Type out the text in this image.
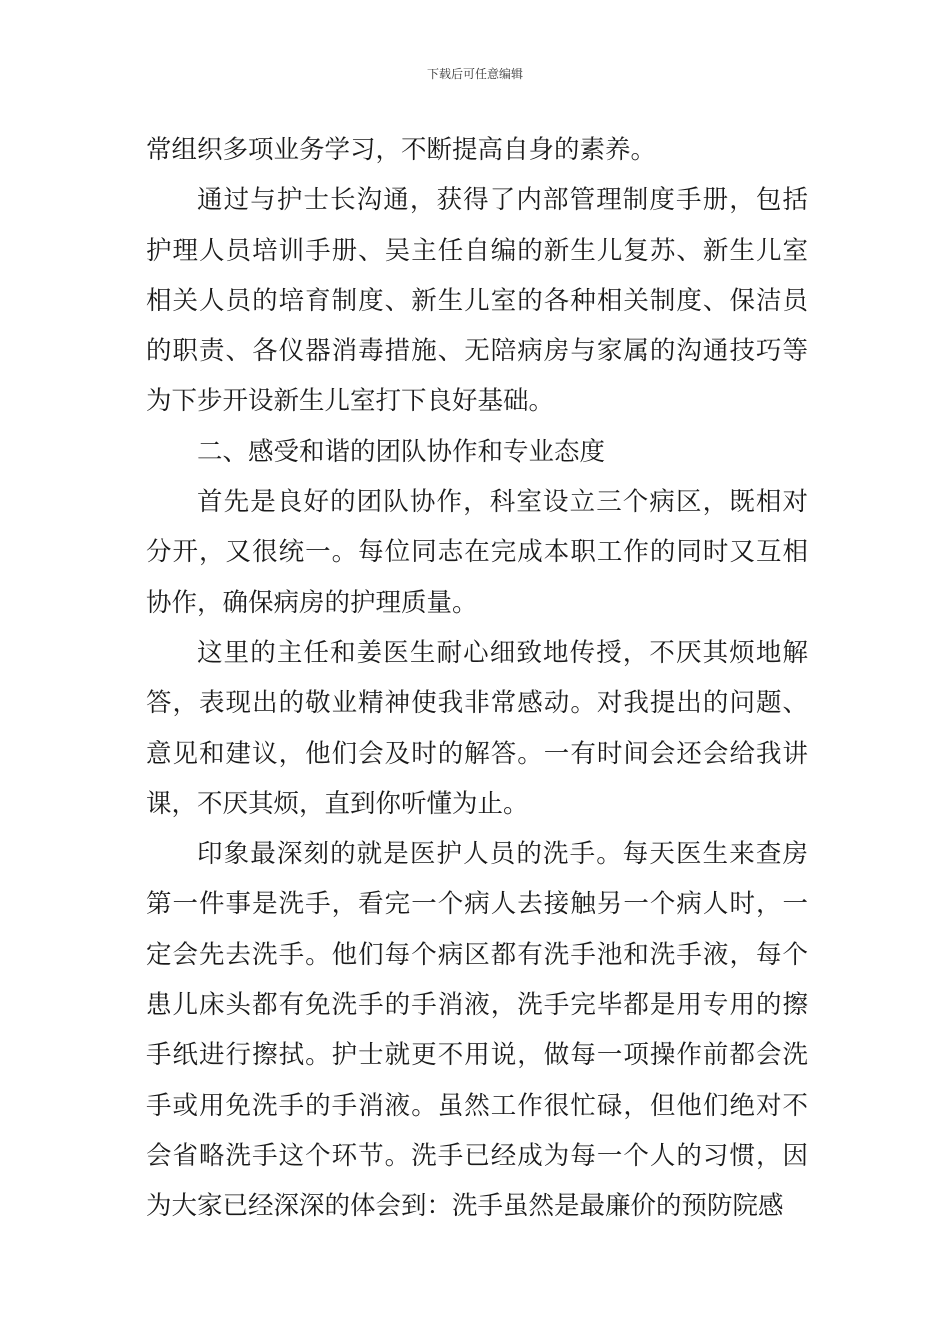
下载后可任意编辑

常组织多项业务学习，不断提高自身的素养。

通过与护士长沟通，获得了内部管理制度手册，包括护理人员培训手册、吴主任自编的新生儿复苏、新生儿室相关人员的培育制度、新生儿室的各种相关制度、保洁员的职责、各仪器消毒措施、无陪病房与家属的沟通技巧等为下步开设新生儿室打下良好基础。

二、感受和谐的团队协作和专业态度

首先是良好的团队协作，科室设立三个病区，既相对分开，又很统一。每位同志在完成本职工作的同时又互相协作，确保病房的护理质量。

这里的主任和姜医生耐心细致地传授，不厌其烦地解答，表现出的敬业精神使我非常感动。对我提出的问题、意见和建议，他们会及时的解答。一有时间会还会给我讲课，不厌其烦，直到你听懂为止。

印象最深刻的就是医护人员的洗手。每天医生来查房第一件事是洗手，看完一个病人去接触另一个病人时，一定会先去洗手。他们每个病区都有洗手池和洗手液，每个患儿床头都有免洗手的手消液，洗手完毕都是用专用的擦手纸进行擦拭。护士就更不用说，做每一项操作前都会洗手或用免洗手的手消液。虽然工作很忙碌，但他们绝对不会省略洗手这个环节。洗手已经成为每一个人的习惯，因为大家已经深深的体会到：洗手虽然是最廉价的预防院感
